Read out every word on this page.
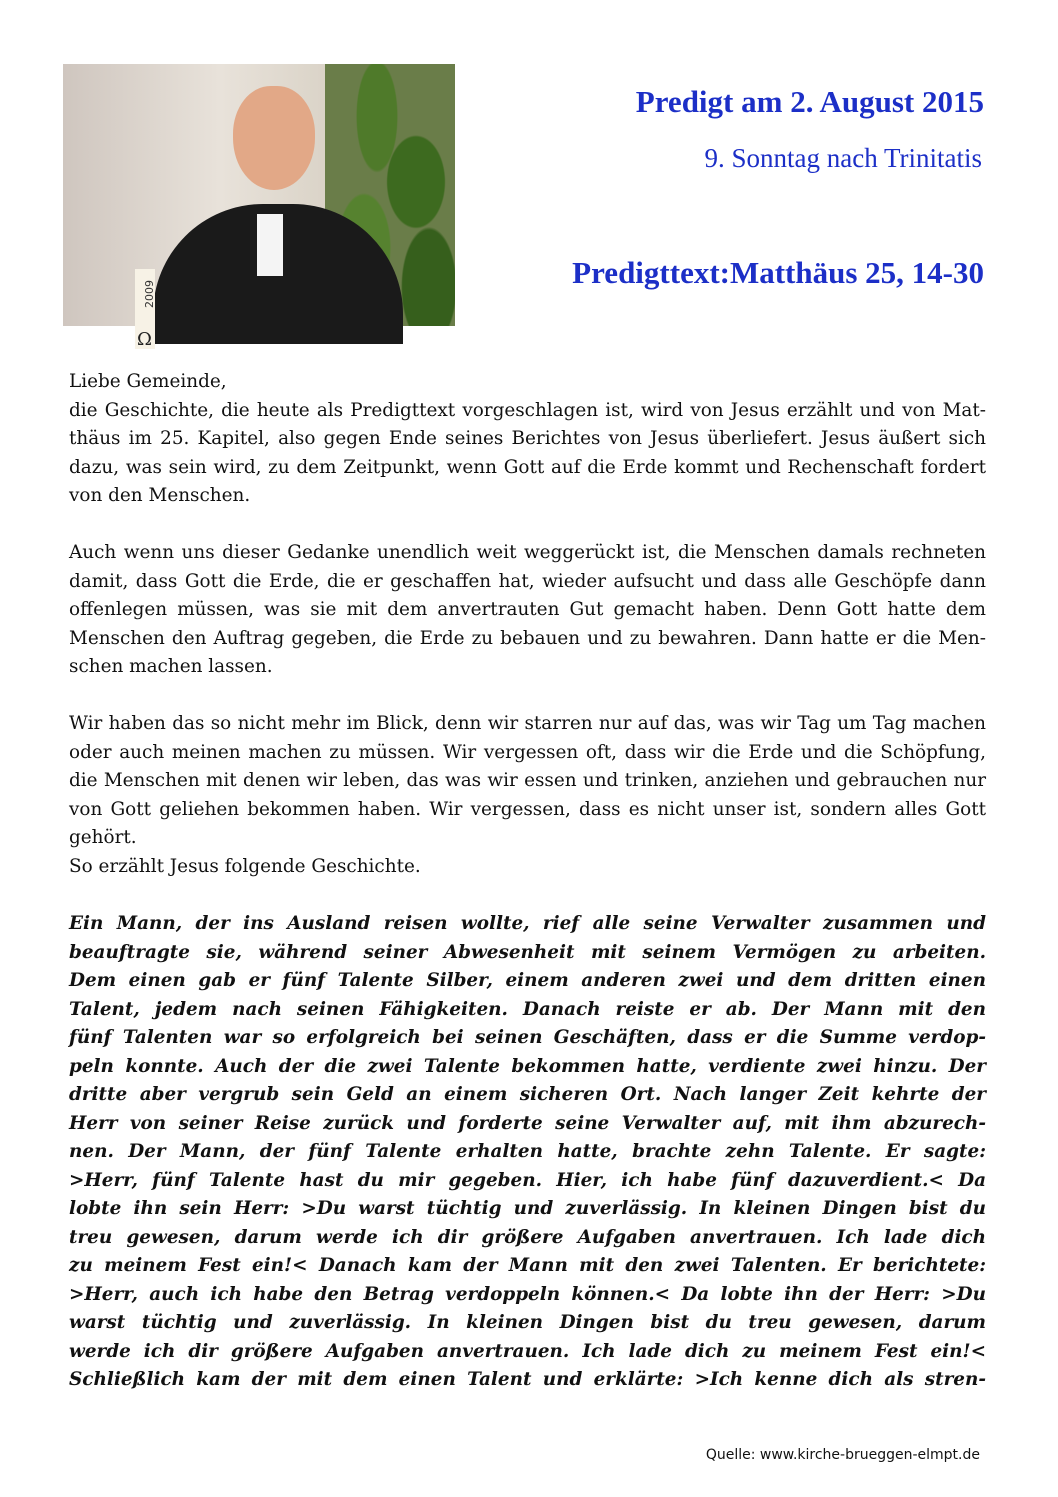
2009
Ω
Predigt am 2. August 2015
9. Sonntag nach Trinitatis
Predigttext:Matthäus 25, 14-30

Liebe Gemeinde,

die Geschichte, die heute als Predigttext vorgeschlagen ist, wird von Jesus erzählt und von Mat-
thäus im 25. Kapitel, also gegen Ende seines Berichtes von Jesus überliefert. Jesus äußert sich
dazu, was sein wird, zu dem Zeitpunkt, wenn Gott auf die Erde kommt und Rechenschaft fordert
von den Menschen.

Auch wenn uns dieser Gedanke unendlich weit weggerückt ist, die Menschen damals rechneten
damit, dass Gott die Erde, die er geschaffen hat, wieder aufsucht und dass alle Geschöpfe dann
offenlegen müssen, was sie mit dem anvertrauten Gut gemacht haben. Denn Gott hatte dem
Menschen den Auftrag gegeben, die Erde zu bebauen und zu bewahren. Dann hatte er die Men-
schen machen lassen.

Wir haben das so nicht mehr im Blick, denn wir starren nur auf das, was wir Tag um Tag machen
oder auch meinen machen zu müssen. Wir vergessen oft, dass wir die Erde und die Schöpfung,
die Menschen mit denen wir leben, das was wir essen und trinken, anziehen und gebrauchen nur
von Gott geliehen bekommen haben. Wir vergessen, dass es nicht unser ist, sondern alles Gott
gehört.
So erzählt Jesus folgende Geschichte.

Ein Mann, der ins Ausland reisen wollte, rief alle seine Verwalter zusammen und
beauftragte sie, während seiner Abwesenheit mit seinem Vermögen zu arbeiten.
Dem einen gab er fünf Talente Silber, einem anderen zwei und dem dritten einen
Talent, jedem nach seinen Fähigkeiten. Danach reiste er ab. Der Mann mit den
fünf Talenten war so erfolgreich bei seinen Geschäften, dass er die Summe verdop-
peln konnte. Auch der die zwei Talente bekommen hatte, verdiente zwei hinzu. Der
dritte aber vergrub sein Geld an einem sicheren Ort. Nach langer Zeit kehrte der
Herr von seiner Reise zurück und forderte seine Verwalter auf, mit ihm abzurech-
nen. Der Mann, der fünf Talente erhalten hatte, brachte zehn Talente. Er sagte:
>Herr, fünf Talente hast du mir gegeben. Hier, ich habe fünf dazuverdient.< Da
lobte ihn sein Herr: >Du warst tüchtig und zuverlässig. In kleinen Dingen bist du
treu gewesen, darum werde ich dir größere Aufgaben anvertrauen. Ich lade dich
zu meinem Fest ein!< Danach kam der Mann mit den zwei Talenten. Er berichtete:
>Herr, auch ich habe den Betrag verdoppeln können.< Da lobte ihn der Herr: >Du
warst tüchtig und zuverlässig. In kleinen Dingen bist du treu gewesen, darum
werde ich dir größere Aufgaben anvertrauen. Ich lade dich zu meinem Fest ein!<
Schließlich kam der mit dem einen Talent und erklärte: >Ich kenne dich als stren-
Quelle: www.kirche-brueggen-elmpt.de
